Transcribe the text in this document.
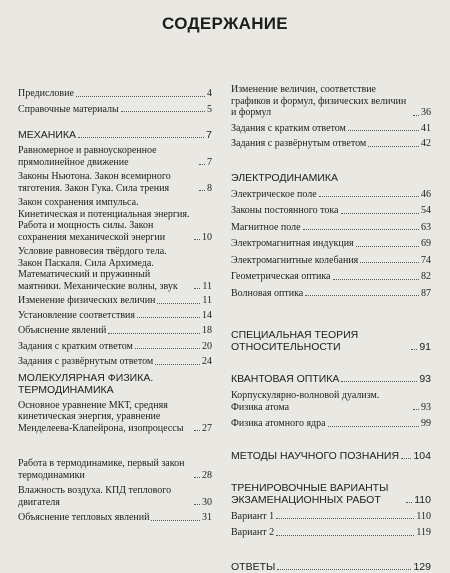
СОДЕРЖАНИЕ
Предисловие	4
Справочные материалы	5
МЕХАНИКА	7
Равномерное и равноускоренное прямолинейное движение	7
Законы Ньютона. Закон всемирного тяготения. Закон Гука. Сила трения	8
Закон сохранения импульса. Кинетическая и потенциальная энергия. Работа и мощность силы. Закон сохранения механической энергии	10
Условие равновесия твёрдого тела. Закон Паскаля. Сила Архимеда. Математический и пружинный маятники. Механические волны, звук	11
Изменение физических величин	11
Установление соответствия	14
Объяснение явлений	18
Задания с кратким ответом	20
Задания с развёрнутым ответом	24
МОЛЕКУЛЯРНАЯ ФИЗИКА. ТЕРМОДИНАМИКА
Основное уравнение МКТ, средняя кинетическая энергия, уравнение Менделеева-Клапейрона, изопроцессы	27
Работа в термодинамике, первый закон термодинамики	28
Влажность воздуха. КПД теплового двигателя	30
Объяснение тепловых явлений	31
Изменение величин, соответствие графиков и формул, физических величин и формул	36
Задания с кратким ответом	41
Задания с развёрнутым ответом	42
ЭЛЕКТРОДИНАМИКА
Электрическое поле	46
Законы постоянного тока	54
Магнитное поле	63
Электромагнитная индукция	69
Электромагнитные колебания	74
Геометрическая оптика	82
Волновая оптика	87
СПЕЦИАЛЬНАЯ ТЕОРИЯ ОТНОСИТЕЛЬНОСТИ	91
КВАНТОВАЯ ОПТИКА	93
Корпускулярно-волновой дуализм. Физика атома	93
Физика атомного ядра	99
МЕТОДЫ НАУЧНОГО ПОЗНАНИЯ 104
ТРЕНИРОВОЧНЫЕ ВАРИАНТЫ ЭКЗАМЕНАЦИОННЫХ РАБОТ	110
Вариант 1	110
Вариант 2	119
ОТВЕТЫ	129
